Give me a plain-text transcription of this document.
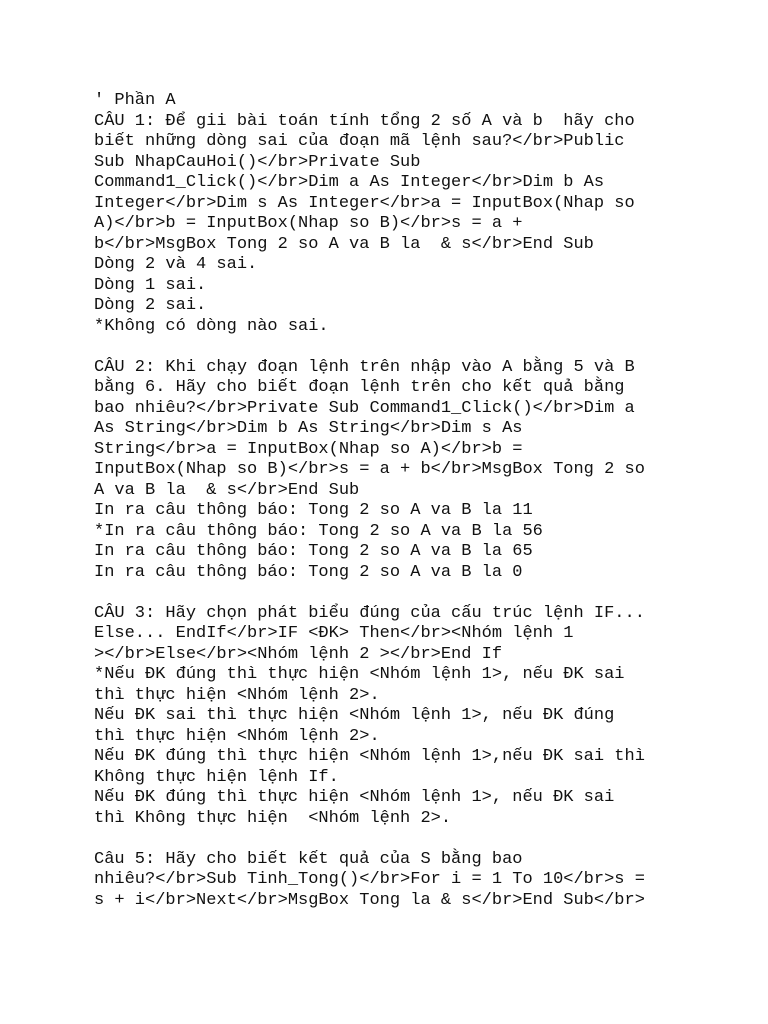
' Phần A
CÂU 1: Để gii bài toán tính tổng 2 số A và b  hãy cho
biết những dòng sai của đoạn mã lệnh sau?</br>Public
Sub NhapCauHoi()</br>Private Sub
Command1_Click()</br>Dim a As Integer</br>Dim b As
Integer</br>Dim s As Integer</br>a = InputBox(Nhap so
A)</br>b = InputBox(Nhap so B)</br>s = a +
b</br>MsgBox Tong 2 so A va B la  & s</br>End Sub
Dòng 2 và 4 sai.
Dòng 1 sai.
Dòng 2 sai.
*Không có dòng nào sai.
CÂU 2: Khi chạy đoạn lệnh trên nhập vào A bằng 5 và B
bằng 6. Hãy cho biết đoạn lệnh trên cho kết quả bằng
bao nhiêu?</br>Private Sub Command1_Click()</br>Dim a
As String</br>Dim b As String</br>Dim s As
String</br>a = InputBox(Nhap so A)</br>b =
InputBox(Nhap so B)</br>s = a + b</br>MsgBox Tong 2 so
A va B la  & s</br>End Sub
In ra câu thông báo: Tong 2 so A va B la 11
*In ra câu thông báo: Tong 2 so A va B la 56
In ra câu thông báo: Tong 2 so A va B la 65
In ra câu thông báo: Tong 2 so A va B la 0
CÂU 3: Hãy chọn phát biểu đúng của cấu trúc lệnh IF...
Else... EndIf</br>IF <ĐK> Then</br><Nhóm lệnh 1
></br>Else</br><Nhóm lệnh 2 ></br>End If
*Nếu ĐK đúng thì thực hiện <Nhóm lệnh 1>, nếu ĐK sai
thì thực hiện <Nhóm lệnh 2>.
Nếu ĐK sai thì thực hiện <Nhóm lệnh 1>, nếu ĐK đúng
thì thực hiện <Nhóm lệnh 2>.
Nếu ĐK đúng thì thực hiện <Nhóm lệnh 1>,nếu ĐK sai thì
Không thực hiện lệnh If.
Nếu ĐK đúng thì thực hiện <Nhóm lệnh 1>, nếu ĐK sai
thì Không thực hiện  <Nhóm lệnh 2>.
Câu 5: Hãy cho biết kết quả của S bằng bao
nhiêu?</br>Sub Tinh_Tong()</br>For i = 1 To 10</br>s =
s + i</br>Next</br>MsgBox Tong la & s</br>End Sub</br>
